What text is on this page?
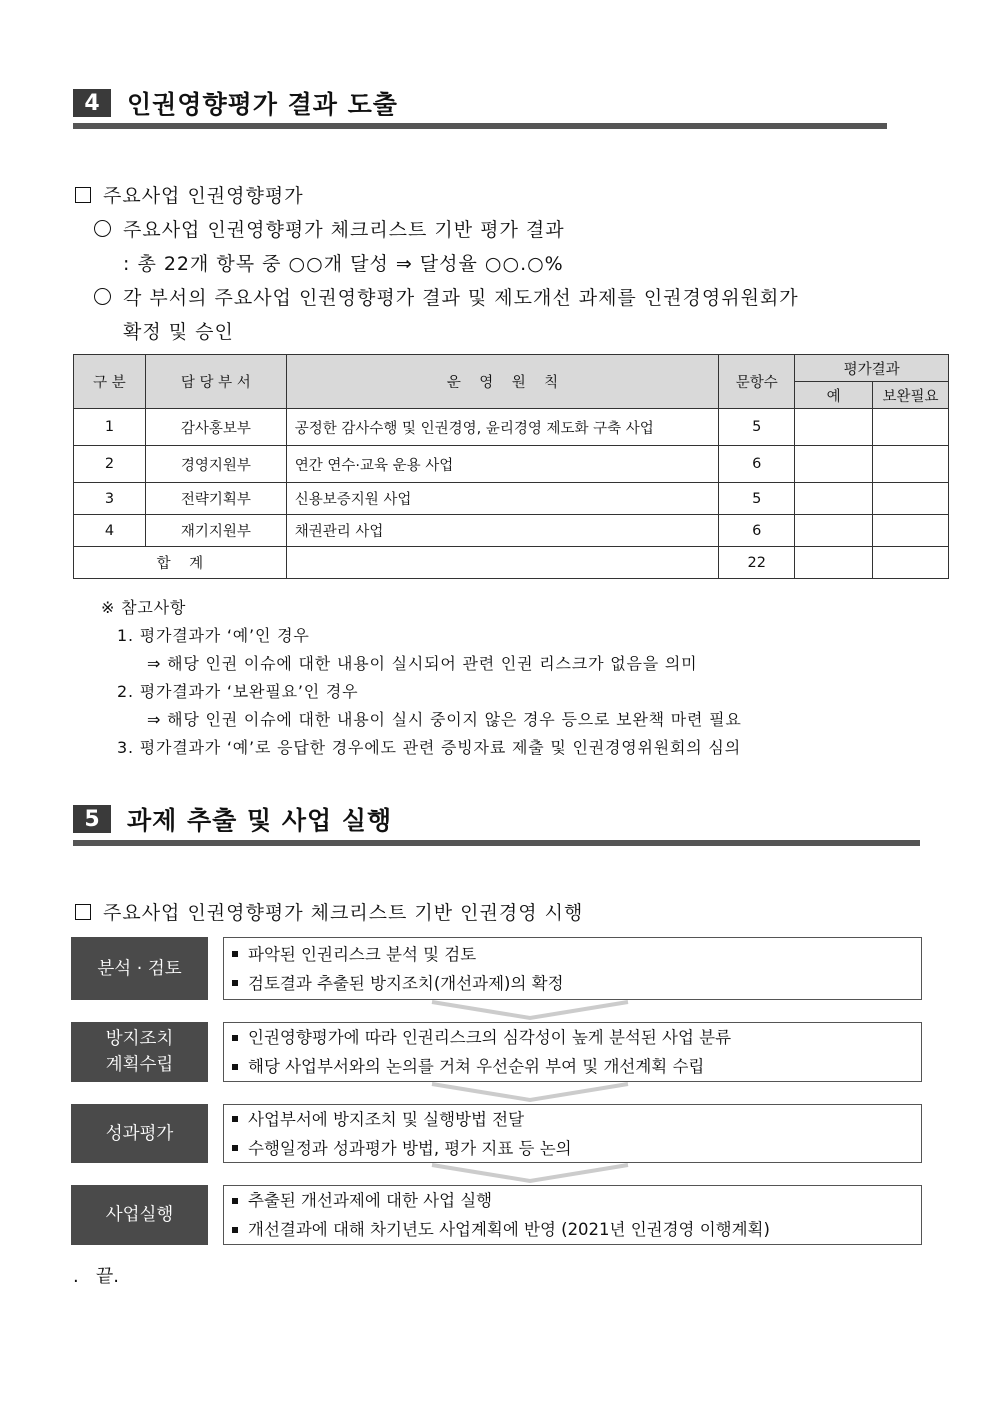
4	인권영향평가 결과 도출
주요사업 인권영향평가
주요사업 인권영향평가 체크리스트 기반 평가 결과
: 총 22개 항목 중 ○○개 달성 ⇒ 달성율 ○○.○%
각 부서의 주요사업 인권영향평가 결과 및 제도개선 과제를 인권경영위원회가
확정 및 승인
구 분	담 당 부 서	운    영    원    칙	문항수	평가결과	
				예	보완필요
1	감사홍보부	공정한 감사수행 및 인권경영, 윤리경영 제도화 구축 사업	5		
2	경영지원부	연간 연수·교육 운용 사업	6		
3	전략기획부	신용보증지원 사업	5		
4	재기지원부	채권관리 사업	6		
합    계			22		
※ 참고사항
1. 평가결과가 ‘예’인 경우
⇒ 해당 인권 이슈에 대한 내용이 실시되어 관련 인권 리스크가 없음을 의미
2. 평가결과가 ‘보완필요’인 경우
⇒ 해당 인권 이슈에 대한 내용이 실시 중이지 않은 경우 등으로 보완책 마련 필요
3. 평가결과가 ‘예’로 응답한 경우에도 관련 증빙자료 제출 및 인권경영위원회의 심의
5	과제 추출 및 사업 실행
주요사업 인권영향평가 체크리스트 기반 인권경영 시행
분석 · 검토
파악된 인권리스크 분석 및 검토
검토결과 추출된 방지조치(개선과제)의 확정
방지조치
계획수립
인권영향평가에 따라 인권리스크의 심각성이 높게 분석된 사업 분류
해당 사업부서와의 논의를 거쳐 우선순위 부여 및 개선계획 수립
성과평가
사업부서에 방지조치 및 실행방법 전달
수행일정과 성과평가 방법, 평가 지표 등 논의
사업실행
추출된 개선과제에 대한 사업 실행
개선결과에 대해 차기년도 사업계획에 반영 (2021년 인권경영 이행계획)
.   끝.
